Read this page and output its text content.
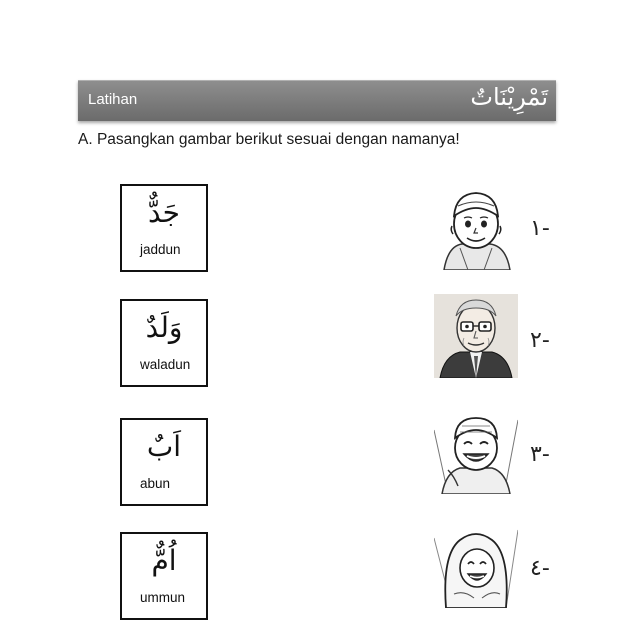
Latihan	تَمْرِيْنَاتٌ
A. Pasangkan gambar berikut sesuai dengan namanya!
جَدٌّ
jaddun
وَلَدٌ
waladun
اَبٌ
abun
اُمٌّ
ummun
-١
-٢
-٣
-٤
